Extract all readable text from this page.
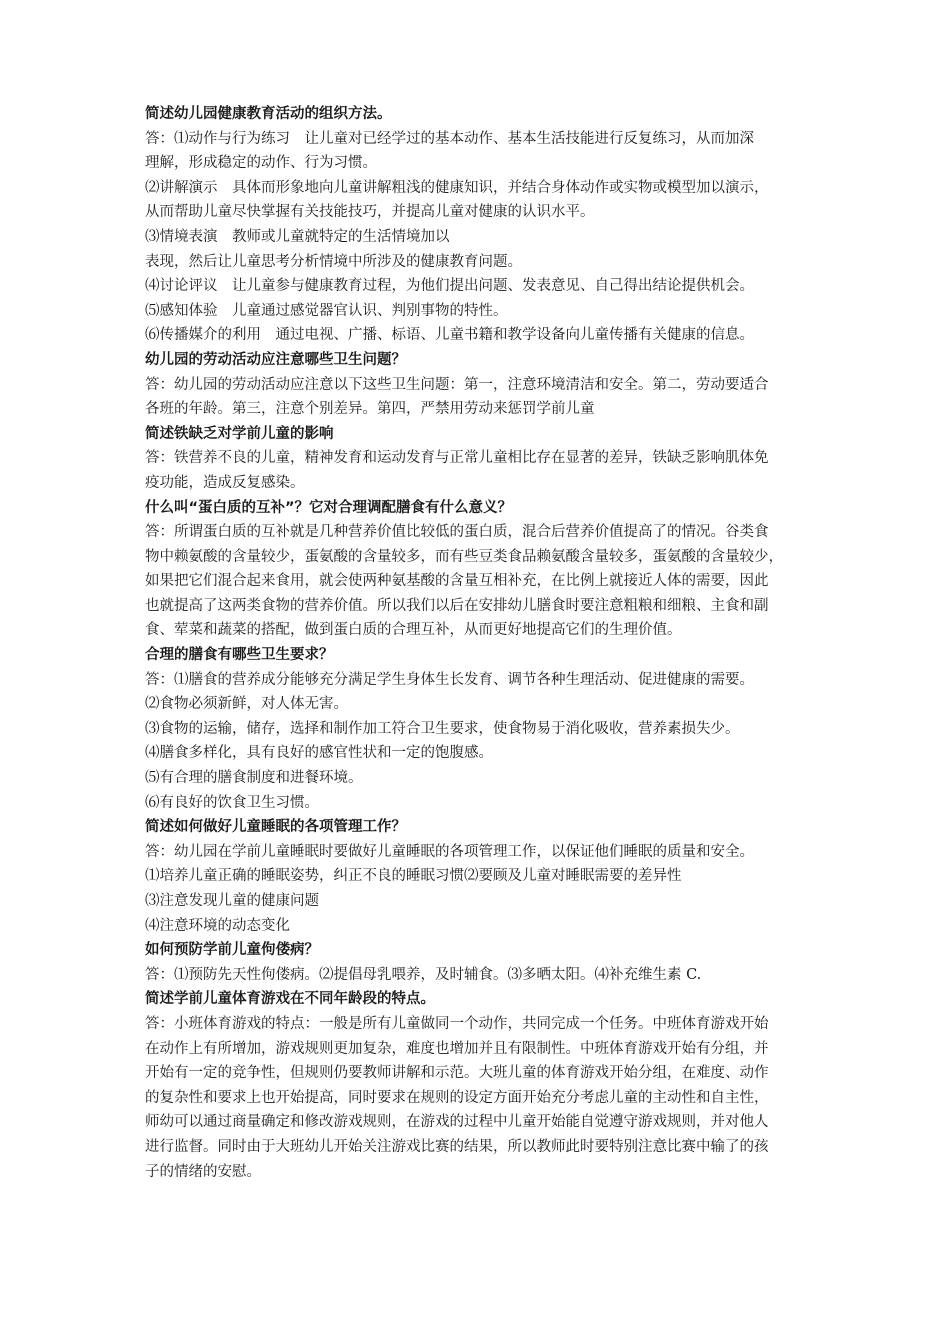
简述幼儿园健康教育活动的组织方法。

答：⑴动作与行为练习　让儿童对已经学过的基本动作、基本生活技能进行反复练习，从而加深

理解，形成稳定的动作、行为习惯。

⑵讲解演示　具体而形象地向儿童讲解粗浅的健康知识，并结合身体动作或实物或模型加以演示，

从而帮助儿童尽快掌握有关技能技巧，并提高儿童对健康的认识水平。

⑶情境表演　教师或儿童就特定的生活情境加以

表现，然后让儿童思考分析情境中所涉及的健康教育问题。

⑷讨论评议　让儿童参与健康教育过程，为他们提出问题、发表意见、自己得出结论提供机会。

⑸感知体验　儿童通过感觉器官认识、判别事物的特性。

⑹传播媒介的利用　通过电视、广播、标语、儿童书籍和教学设备向儿童传播有关健康的信息。

幼儿园的劳动活动应注意哪些卫生问题？

答：幼儿园的劳动活动应注意以下这些卫生问题：第一，注意环境清洁和安全。第二，劳动要适合

各班的年龄。第三，注意个别差异。第四，严禁用劳动来惩罚学前儿童

简述铁缺乏对学前儿童的影响

答：铁营养不良的儿童，精神发育和运动发育与正常儿童相比存在显著的差异，铁缺乏影响肌体免

疫功能，造成反复感染。

什么叫“蛋白质的互补”？它对合理调配膳食有什么意义？

答：所谓蛋白质的互补就是几种营养价值比较低的蛋白质，混合后营养价值提高了的情况。谷类食

物中赖氨酸的含量较少，蛋氨酸的含量较多，而有些豆类食品赖氨酸含量较多，蛋氨酸的含量较少，

如果把它们混合起来食用，就会使两种氨基酸的含量互相补充，在比例上就接近人体的需要，因此

也就提高了这两类食物的营养价值。所以我们以后在安排幼儿膳食时要注意粗粮和细粮、主食和副

食、荤菜和蔬菜的搭配，做到蛋白质的合理互补，从而更好地提高它们的生理价值。

合理的膳食有哪些卫生要求？

答：⑴膳食的营养成分能够充分满足学生身体生长发育、调节各种生理活动、促进健康的需要。

⑵食物必须新鲜，对人体无害。

⑶食物的运输，储存，选择和制作加工符合卫生要求，使食物易于消化吸收，营养素损失少。

⑷膳食多样化，具有良好的感官性状和一定的饱腹感。

⑸有合理的膳食制度和进餐环境。

⑹有良好的饮食卫生习惯。

简述如何做好儿童睡眠的各项管理工作？

答：幼儿园在学前儿童睡眠时要做好儿童睡眠的各项管理工作，以保证他们睡眠的质量和安全。

⑴培养儿童正确的睡眠姿势，纠正不良的睡眠习惯⑵要顾及儿童对睡眠需要的差异性

⑶注意发现儿童的健康问题

⑷注意环境的动态变化

如何预防学前儿童佝偻病？

答：⑴预防先天性佝偻病。⑵提倡母乳喂养，及时辅食。⑶多晒太阳。⑷补充维生素 C.

简述学前儿童体育游戏在不同年龄段的特点。

答：小班体育游戏的特点：一般是所有儿童做同一个动作，共同完成一个任务。中班体育游戏开始

在动作上有所增加，游戏规则更加复杂，难度也增加并且有限制性。中班体育游戏开始有分组，并

开始有一定的竞争性，但规则仍要教师讲解和示范。大班儿童的体育游戏开始分组，在难度、动作

的复杂性和要求上也开始提高，同时要求在规则的设定方面开始充分考虑儿童的主动性和自主性，

师幼可以通过商量确定和修改游戏规则，在游戏的过程中儿童开始能自觉遵守游戏规则，并对他人

进行监督。同时由于大班幼儿开始关注游戏比赛的结果，所以教师此时要特别注意比赛中输了的孩

子的情绪的安慰。
